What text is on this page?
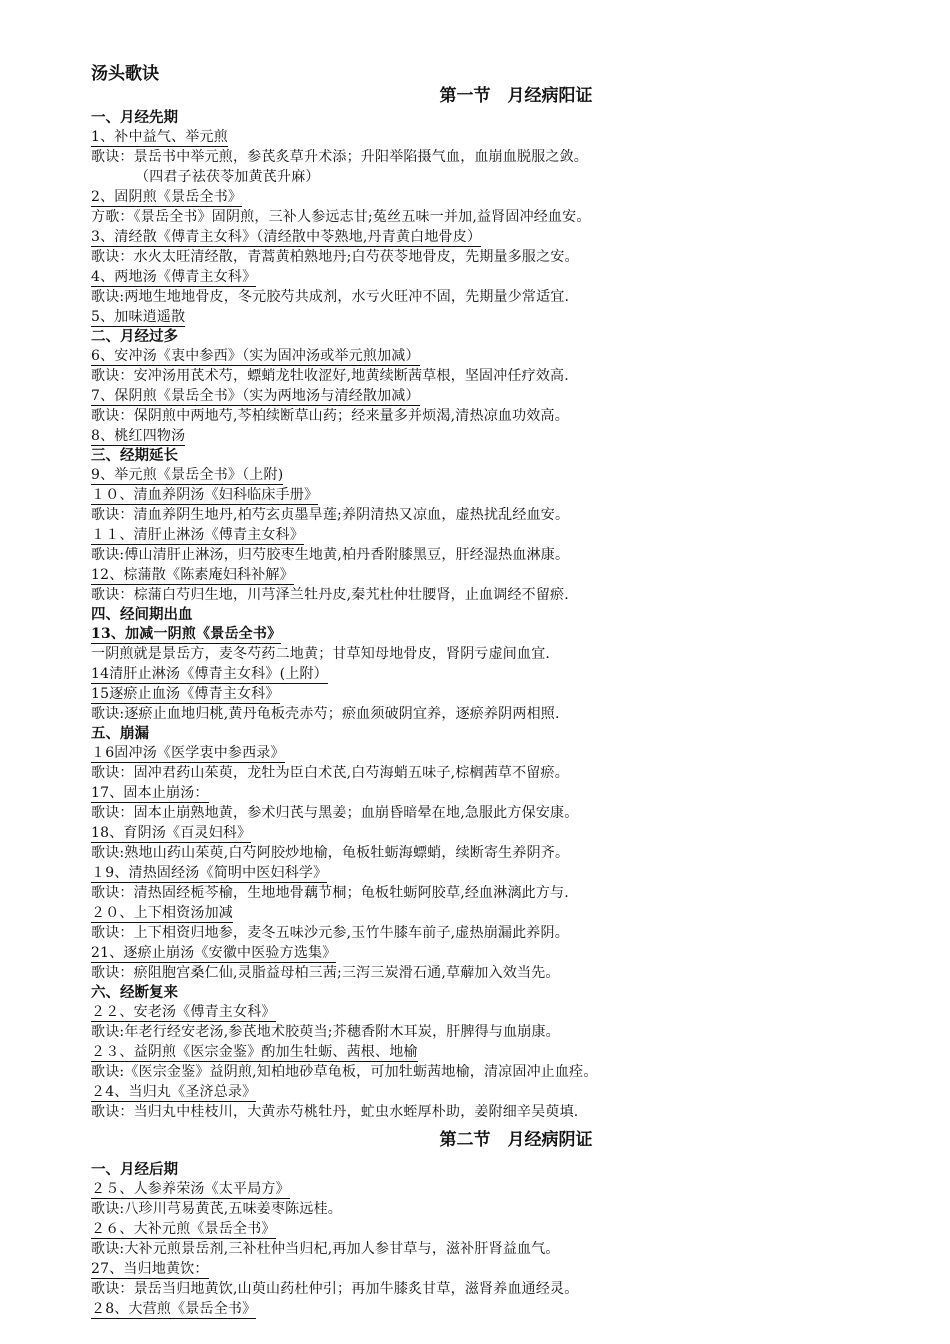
汤头歌诀
第一节　月经病阳证
一、月经先期
1、补中益气、举元煎
歌诀：景岳书中举元煎，参芪炙草升术添；升阳举陷摄气血，血崩血脱服之敛。
（四君子祛茯苓加黄芪升麻）
2、固阴煎《景岳全书》
方歌：《景岳全书》固阴煎，三补人参远志甘;菟丝五味一并加,益肾固冲经血安。
3、清经散《傅青主女科》（清经散中苓熟地,丹青黄白地骨皮）
歌诀：水火太旺清经散，青蒿黄柏熟地丹;白芍茯苓地骨皮，先期量多服之安。
4、两地汤《傅青主女科》
歌诀:两地生地地骨皮，冬元胶芍共成剂，水亏火旺冲不固，先期量少常适宜.
5、加味逍遥散
二、月经过多
6、安冲汤《衷中参西》（实为固冲汤或举元煎加减）
歌诀：安冲汤用芪术芍，螵蛸龙牡收涩好,地黄续断茜草根，坚固冲任疗效高.
7、保阴煎《景岳全书》（实为两地汤与清经散加减）
歌诀：保阴煎中两地芍,芩柏续断草山药；经来量多并烦渴,清热凉血功效高。
8、桃红四物汤
三、经期延长
9、举元煎《景岳全书》（上附)
１０、清血养阴汤《妇科临床手册》
歌诀：清血养阴生地丹,柏芍玄贞墨旱莲;养阴清热又凉血，虚热扰乱经血安。
１１、清肝止淋汤《傅青主女科》
歌诀:傅山清肝止淋汤，归芍胶枣生地黄,柏丹香附膝黑豆，肝经湿热血淋康。
12、棕蒲散《陈素庵妇科补解》
歌诀：棕蒲白芍归生地，川芎泽兰牡丹皮,秦艽杜仲壮腰肾，止血调经不留瘀.
四、经间期出血
13、加减一阴煎《景岳全书》
一阴煎就是景岳方，麦冬芍药二地黄；甘草知母地骨皮，肾阴亏虚间血宜.
14清肝止淋汤《傅青主女科》(上附）
15逐瘀止血汤《傅青主女科》
歌诀:逐瘀止血地归桃,黄丹龟板壳赤芍；瘀血须破阴宜养，逐瘀养阴两相照.
五、崩漏
１6固冲汤《医学衷中参西录》
歌诀：固冲君药山茱萸，龙牡为臣白术芪,白芍海蛸五味子,棕榈茜草不留瘀。
17、固本止崩汤：
歌诀：固本止崩熟地黄，参术归芪与黑姜；血崩昏暗晕在地,急服此方保安康。
18、育阴汤《百灵妇科》
歌诀:熟地山药山茱萸,白芍阿胶炒地榆，龟板牡蛎海螵蛸，续断寄生养阴齐。
１9、清热固经汤《简明中医妇科学》
歌诀：清热固经栀芩榆，生地地骨藕节桐；龟板牡蛎阿胶草,经血淋漓此方与.
２０、上下相资汤加减
歌诀：上下相资归地参，麦冬五味沙元参,玉竹牛膝车前子,虚热崩漏此养阴。
21、逐瘀止崩汤《安徽中医验方选集》
歌诀：瘀阻胞宫桑仁仙,灵脂益母柏三茜;三泻三炭滑石通,草薢加入效当先。
六、经断复来
２２、安老汤《傅青主女科》
歌诀:年老行经安老汤,参芪地术胶萸当;芥穗香附木耳炭，肝脾得与血崩康。
２３、益阴煎《医宗金鉴》酌加生牡蛎、茜根、地榆
歌诀:《医宗金鉴》益阴煎,知柏地砂草龟板，可加牡蛎茜地榆，清凉固冲止血痊。
２4、当归丸《圣济总录》
歌诀：当归丸中桂枝川，大黄赤芍桃牡丹，虻虫水蛭厚朴助，姜附细辛吴萸填.
第二节　月经病阴证
一、月经后期
２５、人参养荣汤《太平局方》
歌诀:八珍川芎易黄芪,五味姜枣陈远桂。
２６、大补元煎《景岳全书》
歌诀:大补元煎景岳剂,三补杜仲当归杞,再加人参甘草与，滋补肝肾益血气。
27、当归地黄饮：
歌诀：景岳当归地黄饮,山萸山药杜仲引；再加牛膝炙甘草，滋肾养血通经灵。
２8、大营煎《景岳全书》
